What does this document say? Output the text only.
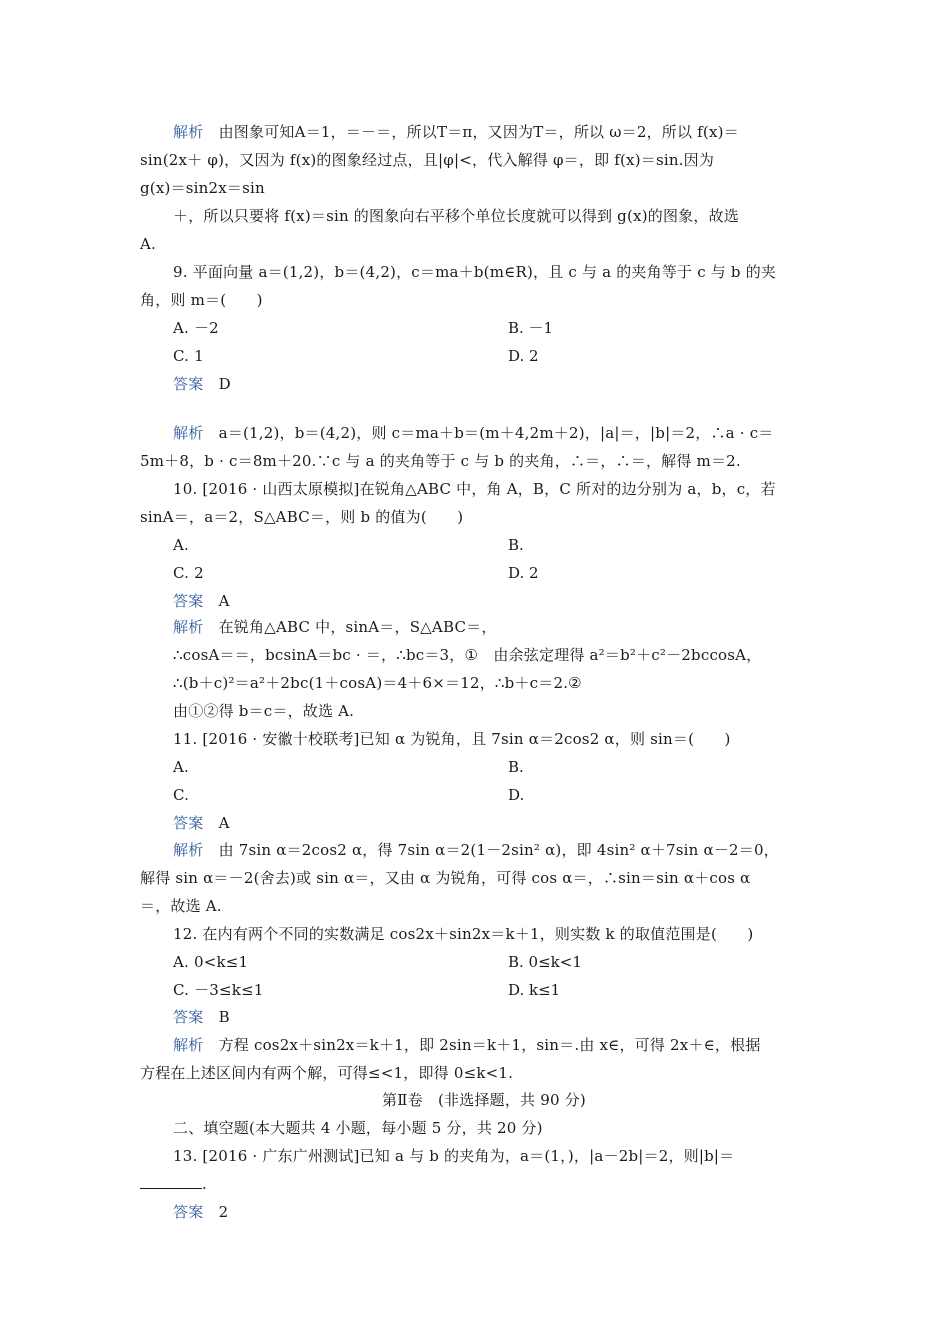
解析　由图象可知A＝1，＝－＝，所以T＝π，又因为T＝，所以 ω＝2，所以 f(x)＝
sin(2x＋ φ)，又因为 f(x)的图象经过点，且|φ|<，代入解得 φ＝，即 f(x)＝sin.因为
g(x)＝sin2x＝sin
＋，所以只要将 f(x)＝sin 的图象向右平移个单位长度就可以得到 g(x)的图象，故选
A.
9. 平面向量 a＝(1,2)，b＝(4,2)，c＝ma＋b(m∈R)，且 c 与 a 的夹角等于 c 与 b 的夹
角，则 m＝(　　)
A. －2	B. －1
C. 1	D. 2
答案　D
解析　a＝(1,2)，b＝(4,2)，则 c＝ma＋b＝(m＋4,2m＋2)，|a|＝，|b|＝2，∴a · c＝
5m＋8，b · c＝8m＋20.∵c 与 a 的夹角等于 c 与 b 的夹角，∴＝，∴＝，解得 m＝2.
10. [2016 · 山西太原模拟]在锐角△ABC 中，角 A，B，C 所对的边分别为 a，b，c，若
sinA＝，a＝2，S△ABC＝，则 b 的值为(　　)
A.	B.
C. 2	D. 2
答案　A
解析　在锐角△ABC 中，sinA＝，S△ABC＝，
∴cosA＝＝，bcsinA＝bc · ＝，∴bc＝3，①　由余弦定理得 a²＝b²＋c²－2bccosA，
∴(b＋c)²＝a²＋2bc(1＋cosA)＝4＋6×＝12，∴b＋c＝2.②
由①②得 b＝c＝，故选 A.
11. [2016 · 安徽十校联考]已知 α 为锐角，且 7sin α＝2cos2 α，则 sin＝(　　)
A.	B.
C.	D.
答案　A
解析　由 7sin α＝2cos2 α，得 7sin α＝2(1－2sin² α)，即 4sin² α＋7sin α－2＝0，
解得 sin α＝－2(舍去)或 sin α＝，又由 α 为锐角，可得 cos α＝，∴sin＝sin α＋cos α
＝，故选 A.
12. 在内有两个不同的实数满足 cos2x＋sin2x＝k＋1，则实数 k 的取值范围是(　　)
A. 0<k≤1	B. 0≤k<1
C. －3≤k≤1	D. k≤1
答案　B
解析　方程 cos2x＋sin2x＝k＋1，即 2sin＝k＋1，sin＝.由 x∈，可得 2x＋∈，根据
方程在上述区间内有两个解，可得≤<1，即得 0≤k<1.
第Ⅱ卷　(非选择题，共 90 分)
二、填空题(本大题共 4 小题，每小题 5 分，共 20 分)
13. [2016 · 广东广州测试]已知 a 与 b 的夹角为，a＝(1，)，|a－2b|＝2，则|b|＝
.
答案　2
